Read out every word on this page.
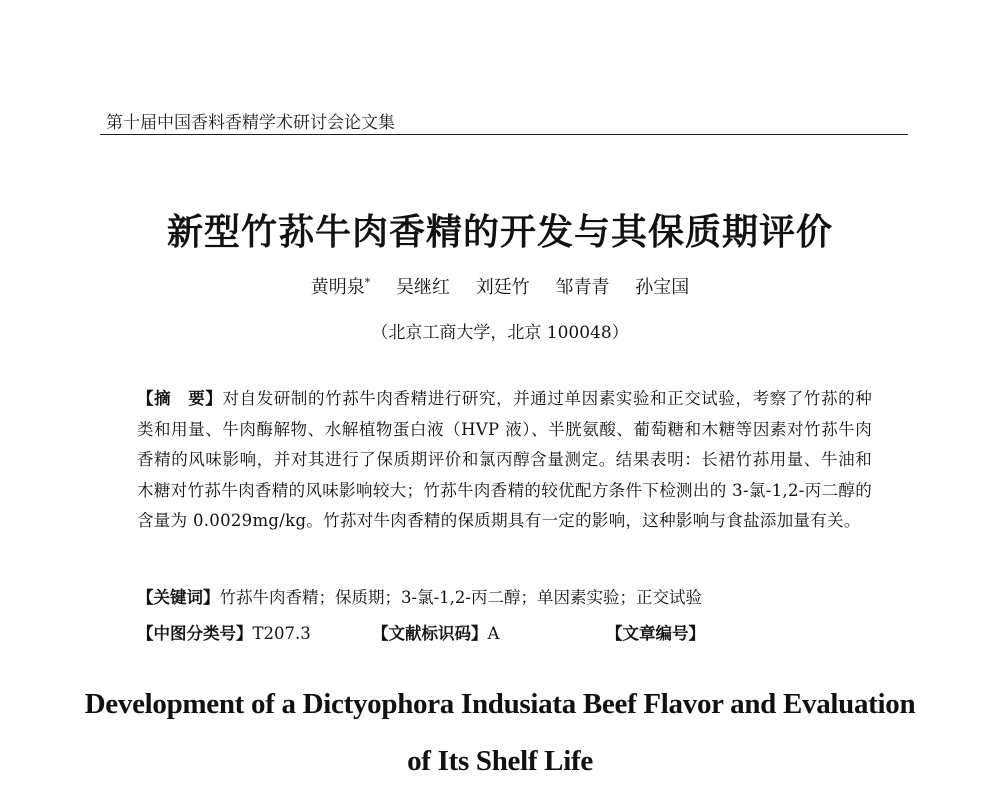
第十届中国香料香精学术研讨会论文集
新型竹荪牛肉香精的开发与其保质期评价
黄明泉* 吴继红 刘廷竹 邹青青 孙宝国
（北京工商大学，北京 100048）
【摘　要】对自发研制的竹荪牛肉香精进行研究，并通过单因素实验和正交试验，考察了竹荪的种类和用量、牛肉酶解物、水解植物蛋白液（HVP 液）、半胱氨酸、葡萄糖和木糖等因素对竹荪牛肉香精的风味影响，并对其进行了保质期评价和氯丙醇含量测定。结果表明：长裙竹荪用量、牛油和木糖对竹荪牛肉香精的风味影响较大；竹荪牛肉香精的较优配方条件下检测出的 3-氯-1,2-丙二醇的含量为 0.0029mg/kg。竹荪对牛肉香精的保质期具有一定的影响，这种影响与食盐添加量有关。
【关键词】竹荪牛肉香精；保质期；3-氯-1,2-丙二醇；单因素实验；正交试验
【中图分类号】T207.3	【文献标识码】A	【文章编号】
Development of a Dictyophora Indusiata Beef Flavor and Evaluation
of Its Shelf Life
